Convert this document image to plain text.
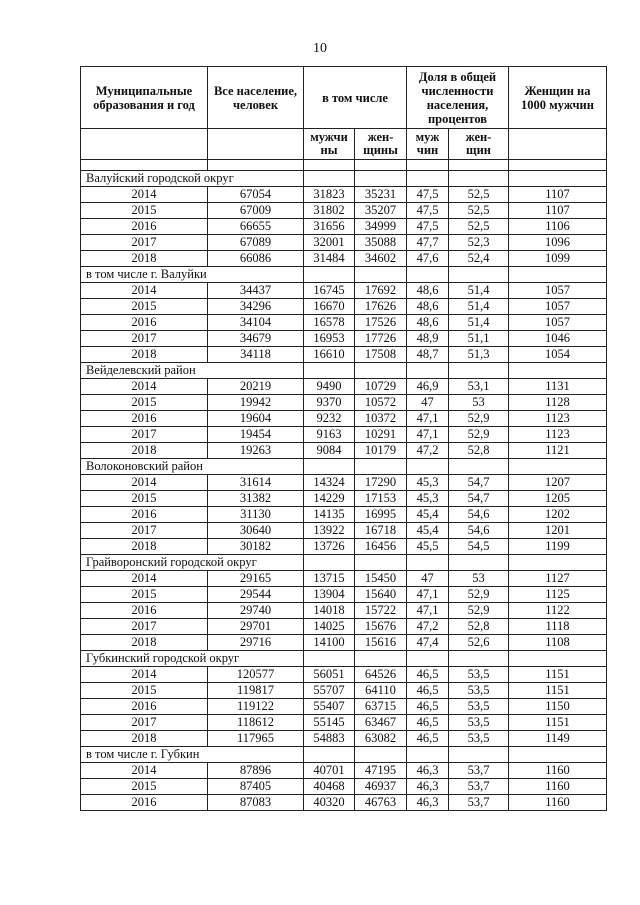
10
Муниципальные образования и год	Все население, человек	в том числе		Доля в общей численности населения, процентов		Женщин на 1000 мужчин
		мужчи ны	жен- щины	муж чин	жен- щин	

Валуйский городской округ						
2014	67054	31823	35231	47,5	52,5	1107
2015	67009	31802	35207	47,5	52,5	1107
2016	66655	31656	34999	47,5	52,5	1106
2017	67089	32001	35088	47,7	52,3	1096
2018	66086	31484	34602	47,6	52,4	1099
в том числе г. Валуйки						
2014	34437	16745	17692	48,6	51,4	1057
2015	34296	16670	17626	48,6	51,4	1057
2016	34104	16578	17526	48,6	51,4	1057
2017	34679	16953	17726	48,9	51,1	1046
2018	34118	16610	17508	48,7	51,3	1054
Вейделевский район						
2014	20219	9490	10729	46,9	53,1	1131
2015	19942	9370	10572	47	53	1128
2016	19604	9232	10372	47,1	52,9	1123
2017	19454	9163	10291	47,1	52,9	1123
2018	19263	9084	10179	47,2	52,8	1121
Волоконовский район						
2014	31614	14324	17290	45,3	54,7	1207
2015	31382	14229	17153	45,3	54,7	1205
2016	31130	14135	16995	45,4	54,6	1202
2017	30640	13922	16718	45,4	54,6	1201
2018	30182	13726	16456	45,5	54,5	1199
Грайворонский городской округ						
2014	29165	13715	15450	47	53	1127
2015	29544	13904	15640	47,1	52,9	1125
2016	29740	14018	15722	47,1	52,9	1122
2017	29701	14025	15676	47,2	52,8	1118
2018	29716	14100	15616	47,4	52,6	1108
Губкинский городской округ						
2014	120577	56051	64526	46,5	53,5	1151
2015	119817	55707	64110	46,5	53,5	1151
2016	119122	55407	63715	46,5	53,5	1150
2017	118612	55145	63467	46,5	53,5	1151
2018	117965	54883	63082	46,5	53,5	1149
в том числе г. Губкин						
2014	87896	40701	47195	46,3	53,7	1160
2015	87405	40468	46937	46,3	53,7	1160
2016	87083	40320	46763	46,3	53,7	1160
